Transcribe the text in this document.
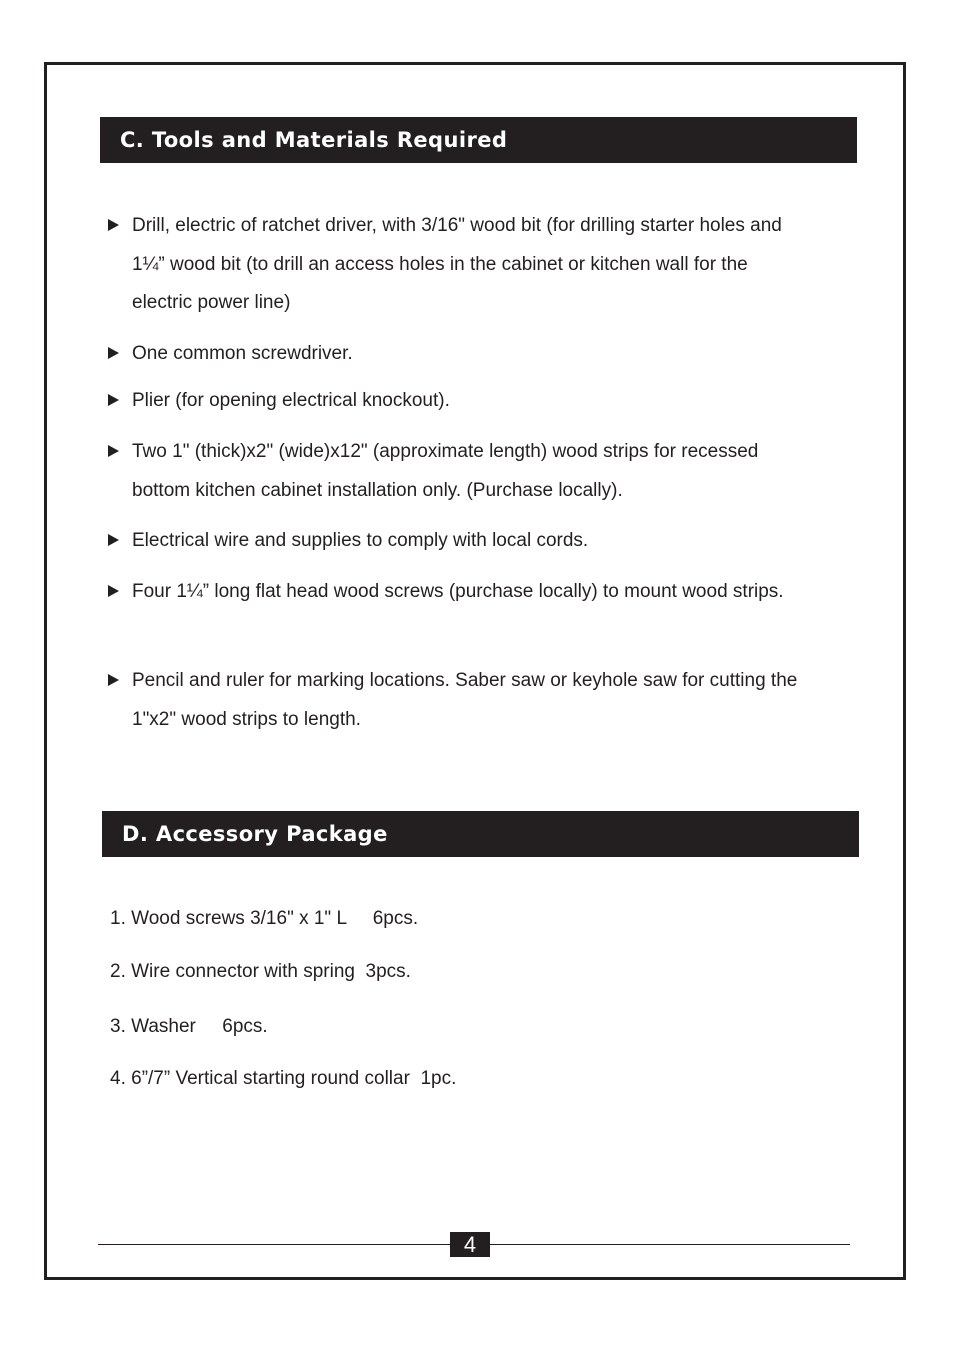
C. Tools and Materials Required
Drill, electric of ratchet driver, with 3/16" wood bit (for drilling starter holes and 1¼” wood bit (to drill an access holes in the cabinet or kitchen wall for the electric power line)
One common screwdriver.
Plier (for opening electrical knockout).
Two 1" (thick)x2" (wide)x12" (approximate length) wood strips for recessed bottom kitchen cabinet installation only. (Purchase locally).
Electrical wire and supplies to comply with local cords.
Four 1¼” long flat head wood screws (purchase locally) to mount wood strips.
Pencil and ruler for marking locations. Saber saw or keyhole saw for cutting the 1"x2" wood strips to length.
D. Accessory Package
1. Wood screws 3/16" x 1" L     6pcs.
2. Wire connector with spring  3pcs.
3. Washer     6pcs.
4. 6”/7” Vertical starting round collar  1pc.
4
